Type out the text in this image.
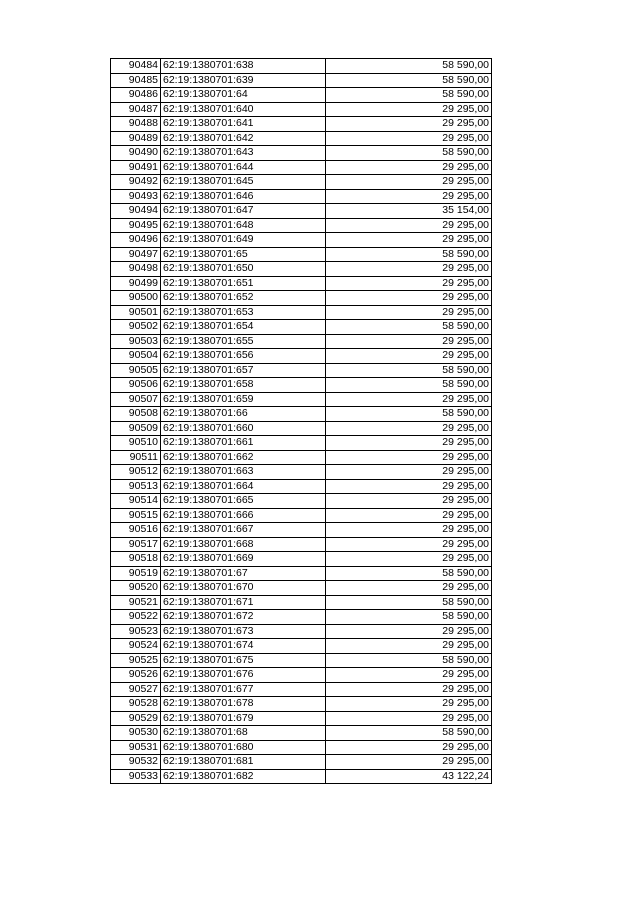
90484	62:19:1380701:638	58 590,00
90485	62:19:1380701:639	58 590,00
90486	62:19:1380701:64	58 590,00
90487	62:19:1380701:640	29 295,00
90488	62:19:1380701:641	29 295,00
90489	62:19:1380701:642	29 295,00
90490	62:19:1380701:643	58 590,00
90491	62:19:1380701:644	29 295,00
90492	62:19:1380701:645	29 295,00
90493	62:19:1380701:646	29 295,00
90494	62:19:1380701:647	35 154,00
90495	62:19:1380701:648	29 295,00
90496	62:19:1380701:649	29 295,00
90497	62:19:1380701:65	58 590,00
90498	62:19:1380701:650	29 295,00
90499	62:19:1380701:651	29 295,00
90500	62:19:1380701:652	29 295,00
90501	62:19:1380701:653	29 295,00
90502	62:19:1380701:654	58 590,00
90503	62:19:1380701:655	29 295,00
90504	62:19:1380701:656	29 295,00
90505	62:19:1380701:657	58 590,00
90506	62:19:1380701:658	58 590,00
90507	62:19:1380701:659	29 295,00
90508	62:19:1380701:66	58 590,00
90509	62:19:1380701:660	29 295,00
90510	62:19:1380701:661	29 295,00
90511	62:19:1380701:662	29 295,00
90512	62:19:1380701:663	29 295,00
90513	62:19:1380701:664	29 295,00
90514	62:19:1380701:665	29 295,00
90515	62:19:1380701:666	29 295,00
90516	62:19:1380701:667	29 295,00
90517	62:19:1380701:668	29 295,00
90518	62:19:1380701:669	29 295,00
90519	62:19:1380701:67	58 590,00
90520	62:19:1380701:670	29 295,00
90521	62:19:1380701:671	58 590,00
90522	62:19:1380701:672	58 590,00
90523	62:19:1380701:673	29 295,00
90524	62:19:1380701:674	29 295,00
90525	62:19:1380701:675	58 590,00
90526	62:19:1380701:676	29 295,00
90527	62:19:1380701:677	29 295,00
90528	62:19:1380701:678	29 295,00
90529	62:19:1380701:679	29 295,00
90530	62:19:1380701:68	58 590,00
90531	62:19:1380701:680	29 295,00
90532	62:19:1380701:681	29 295,00
90533	62:19:1380701:682	43 122,24
